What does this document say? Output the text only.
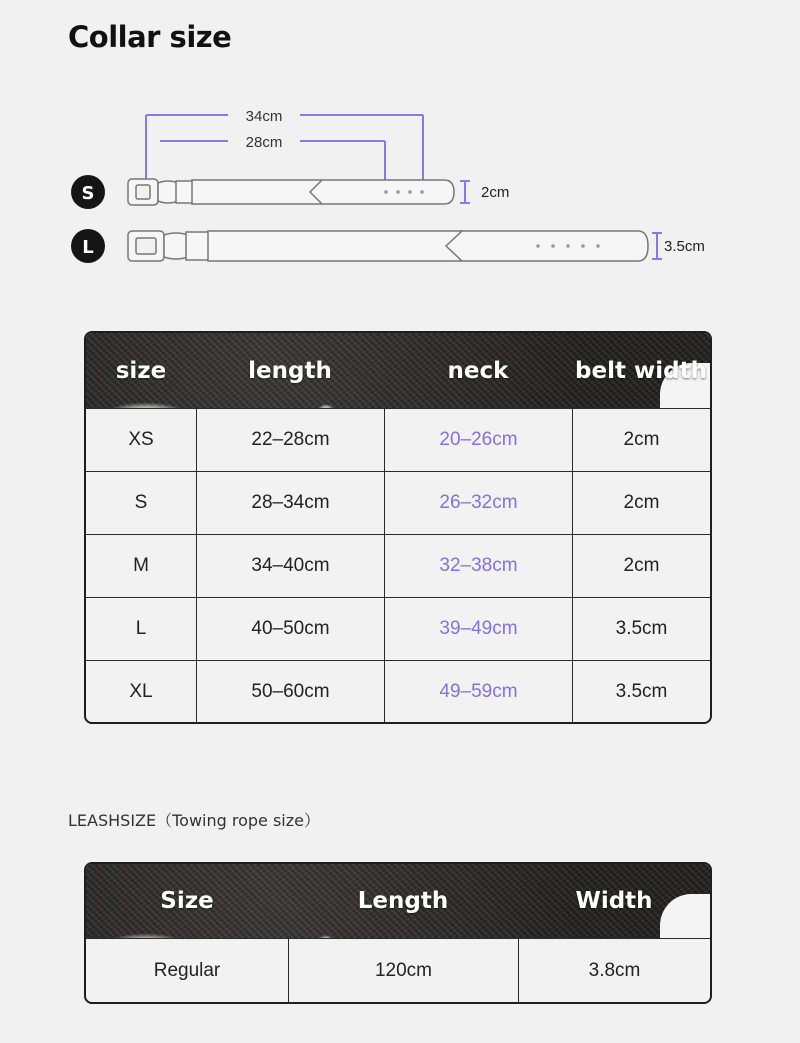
Collar size
34cm
28cm
S	2cm
L	3.5cm
size	length	neck	belt width
XS	22–28cm	20–26cm	2cm
S	28–34cm	26–32cm	2cm
M	34–40cm	32–38cm	2cm
L	40–50cm	39–49cm	3.5cm
XL	50–60cm	49–59cm	3.5cm
LEASHSIZE（Towing rope size）
Size	Length	Width
Regular	120cm	3.8cm
